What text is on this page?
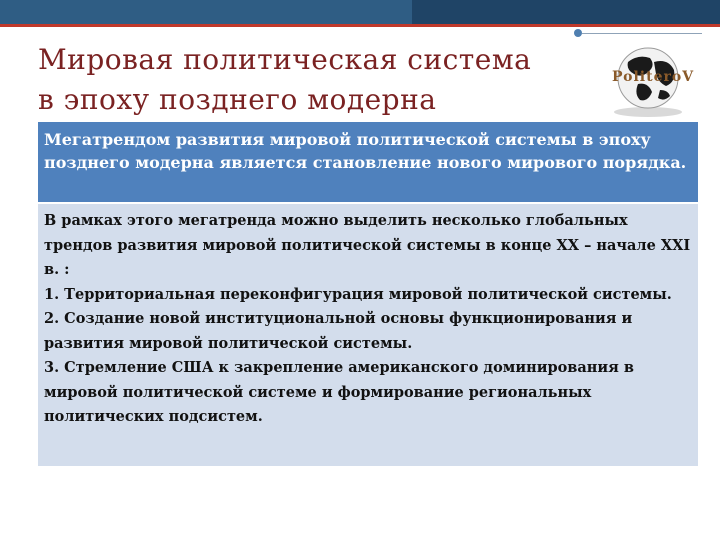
Мировая политическая система
в эпоху позднего модерна
PoliteroV
Мегатрендом развития мировой политической системы в эпоху позднего модерна является становление нового мирового порядка.

В рамках этого мегатренда можно выделить несколько глобальных трендов развития мировой политической системы в конце XX – начале XXI в. :

1. Территориальная переконфигурация мировой политической системы.

2. Создание новой институциональной основы функционирования и развития мировой политической системы.

3. Стремление США к закрепление американского доминирования в мировой политической системе и формирование региональных политических подсистем.
